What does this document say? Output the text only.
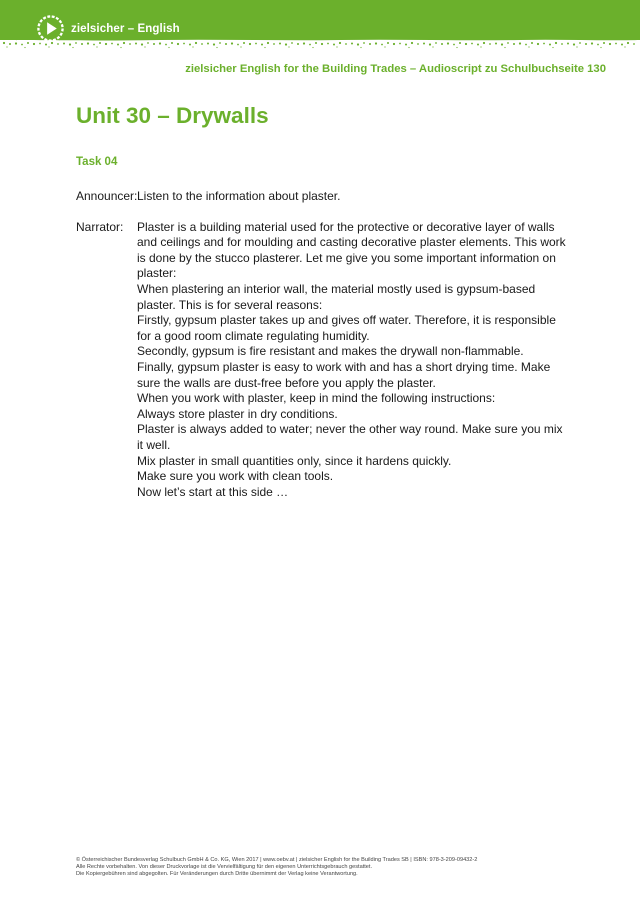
zielsicher – English
zielsicher English for the Building Trades – Audioscript zu Schulbuchseite 130
Unit 30 – Drywalls
Task 04
Announcer: Listen to the information about plaster.
Narrator:	Plaster is a building material used for the protective or decorative layer of walls
and ceilings and for moulding and casting decorative plaster elements. This work
is done by the stucco plasterer. Let me give you some important information on
plaster:
When plastering an interior wall, the material mostly used is gypsum-based
plaster. This is for several reasons:
Firstly, gypsum plaster takes up and gives off water. Therefore, it is responsible
for a good room climate regulating humidity.
Secondly, gypsum is fire resistant and makes the drywall non-flammable.
Finally, gypsum plaster is easy to work with and has a short drying time. Make
sure the walls are dust-free before you apply the plaster.
When you work with plaster, keep in mind the following instructions:
Always store plaster in dry conditions.
Plaster is always added to water; never the other way round. Make sure you mix
it well.
Mix plaster in small quantities only, since it hardens quickly.
Make sure you work with clean tools.
Now let’s start at this side …
© Österreichischer Bundesverlag Schulbuch GmbH & Co. KG, Wien 2017 | www.oebv.at | zielsicher English for the Building Trades SB | ISBN: 978-3-209-09432-2
Alle Rechte vorbehalten. Von dieser Druckvorlage ist die Vervielfältigung für den eigenen Unterrichtsgebrauch gestattet.
Die Kopiergebühren sind abgegolten. Für Veränderungen durch Dritte übernimmt der Verlag keine Verantwortung.
